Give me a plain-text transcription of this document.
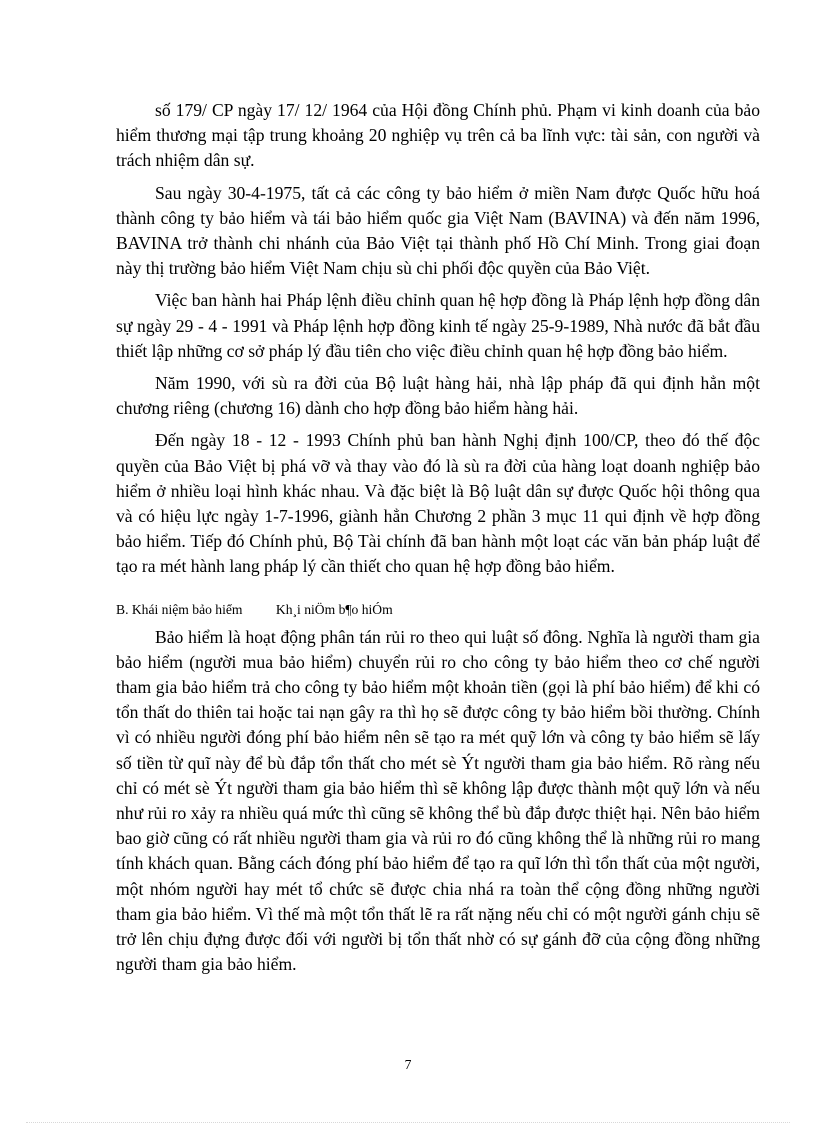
số 179/ CP ngày 17/ 12/ 1964 của Hội đồng Chính phủ. Phạm vi kinh doanh của bảo hiểm thương mại tập trung khoảng 20 nghiệp vụ trên cả ba lĩnh vực: tài sản, con người và trách nhiệm dân sự.

Sau ngày 30-4-1975, tất cả các công ty bảo hiểm ở miền Nam được Quốc hữu hoá thành công ty bảo hiểm và tái bảo hiểm quốc gia Việt Nam (BAVINA) và đến năm 1996, BAVINA trở thành chi nhánh của Bảo Việt tại thành phố Hồ Chí Minh. Trong giai đoạn này thị trường bảo hiểm Việt Nam chịu sù chi phối độc quyền của Bảo Việt.

Việc ban hành hai Pháp lệnh điều chỉnh quan hệ hợp đồng là Pháp lệnh hợp đồng dân sự ngày 29 - 4 - 1991 và Pháp lệnh hợp đồng kinh tế ngày 25-9-1989, Nhà nước đã bắt đầu thiết lập những cơ sở pháp lý đầu tiên cho việc điều chỉnh quan hệ hợp đồng bảo hiểm.

Năm 1990, với sù ra đời của Bộ luật hàng hải, nhà lập pháp đã qui định hẳn một chương riêng (chương 16) dành cho hợp đồng bảo hiểm hàng hải.

Đến ngày 18 - 12 - 1993 Chính phủ ban hành Nghị định 100/CP, theo đó thế độc quyền của Bảo Việt bị phá vỡ và thay vào đó là sù ra đời của hàng loạt doanh nghiệp bảo hiểm ở nhiều loại hình khác nhau. Và đặc biệt là Bộ luật dân sự được Quốc hội thông qua và có hiệu lực ngày 1-7-1996, giành hẳn Chương 2 phần 3 mục 11 qui định về hợp đồng bảo hiểm. Tiếp đó Chính phủ, Bộ Tài chính đã ban hành một loạt các văn bản pháp luật để tạo ra mét hành lang pháp lý cần thiết cho quan hệ hợp đồng bảo hiểm.

B. Khái niệm bảo hiểm Kh¸i niÖm b¶o hiÓm

Bảo hiểm là hoạt động phân tán rủi ro theo qui luật số đông. Nghĩa là người tham gia bảo hiểm (người mua bảo hiểm) chuyển rủi ro cho công ty bảo hiểm theo cơ chế người tham gia bảo hiểm trả cho công ty bảo hiểm một khoản tiền (gọi là phí bảo hiểm) để khi có tổn thất do thiên tai hoặc tai nạn gây ra thì họ sẽ được công ty bảo hiểm bồi thường. Chính vì có nhiều người đóng phí bảo hiểm nên sẽ tạo ra mét quỹ lớn và công ty bảo hiểm sẽ lấy số tiền từ quĩ này để bù đắp tổn thất cho mét sè Ýt người tham gia bảo hiểm. Rõ ràng nếu chỉ có mét sè Ýt người tham gia bảo hiểm thì sẽ không lập được thành một quỹ lớn và nếu như rủi ro xảy ra nhiều quá mức thì cũng sẽ không thể bù đắp được thiệt hại. Nên bảo hiểm bao giờ cũng có rất nhiều người tham gia và rủi ro đó cũng không thể là những rủi ro mang tính khách quan. Bằng cách đóng phí bảo hiểm để tạo ra quĩ lớn thì tổn thất của một người, một nhóm người hay mét tổ chức sẽ được chia nhá ra toàn thể cộng đồng những người tham gia bảo hiểm. Vì thế mà một tổn thất lẽ ra rất nặng nếu chỉ có một người gánh chịu sẽ trở lên chịu đựng được đối với người bị tổn thất nhờ có sự gánh đỡ của cộng đồng những người tham gia bảo hiểm.

7
